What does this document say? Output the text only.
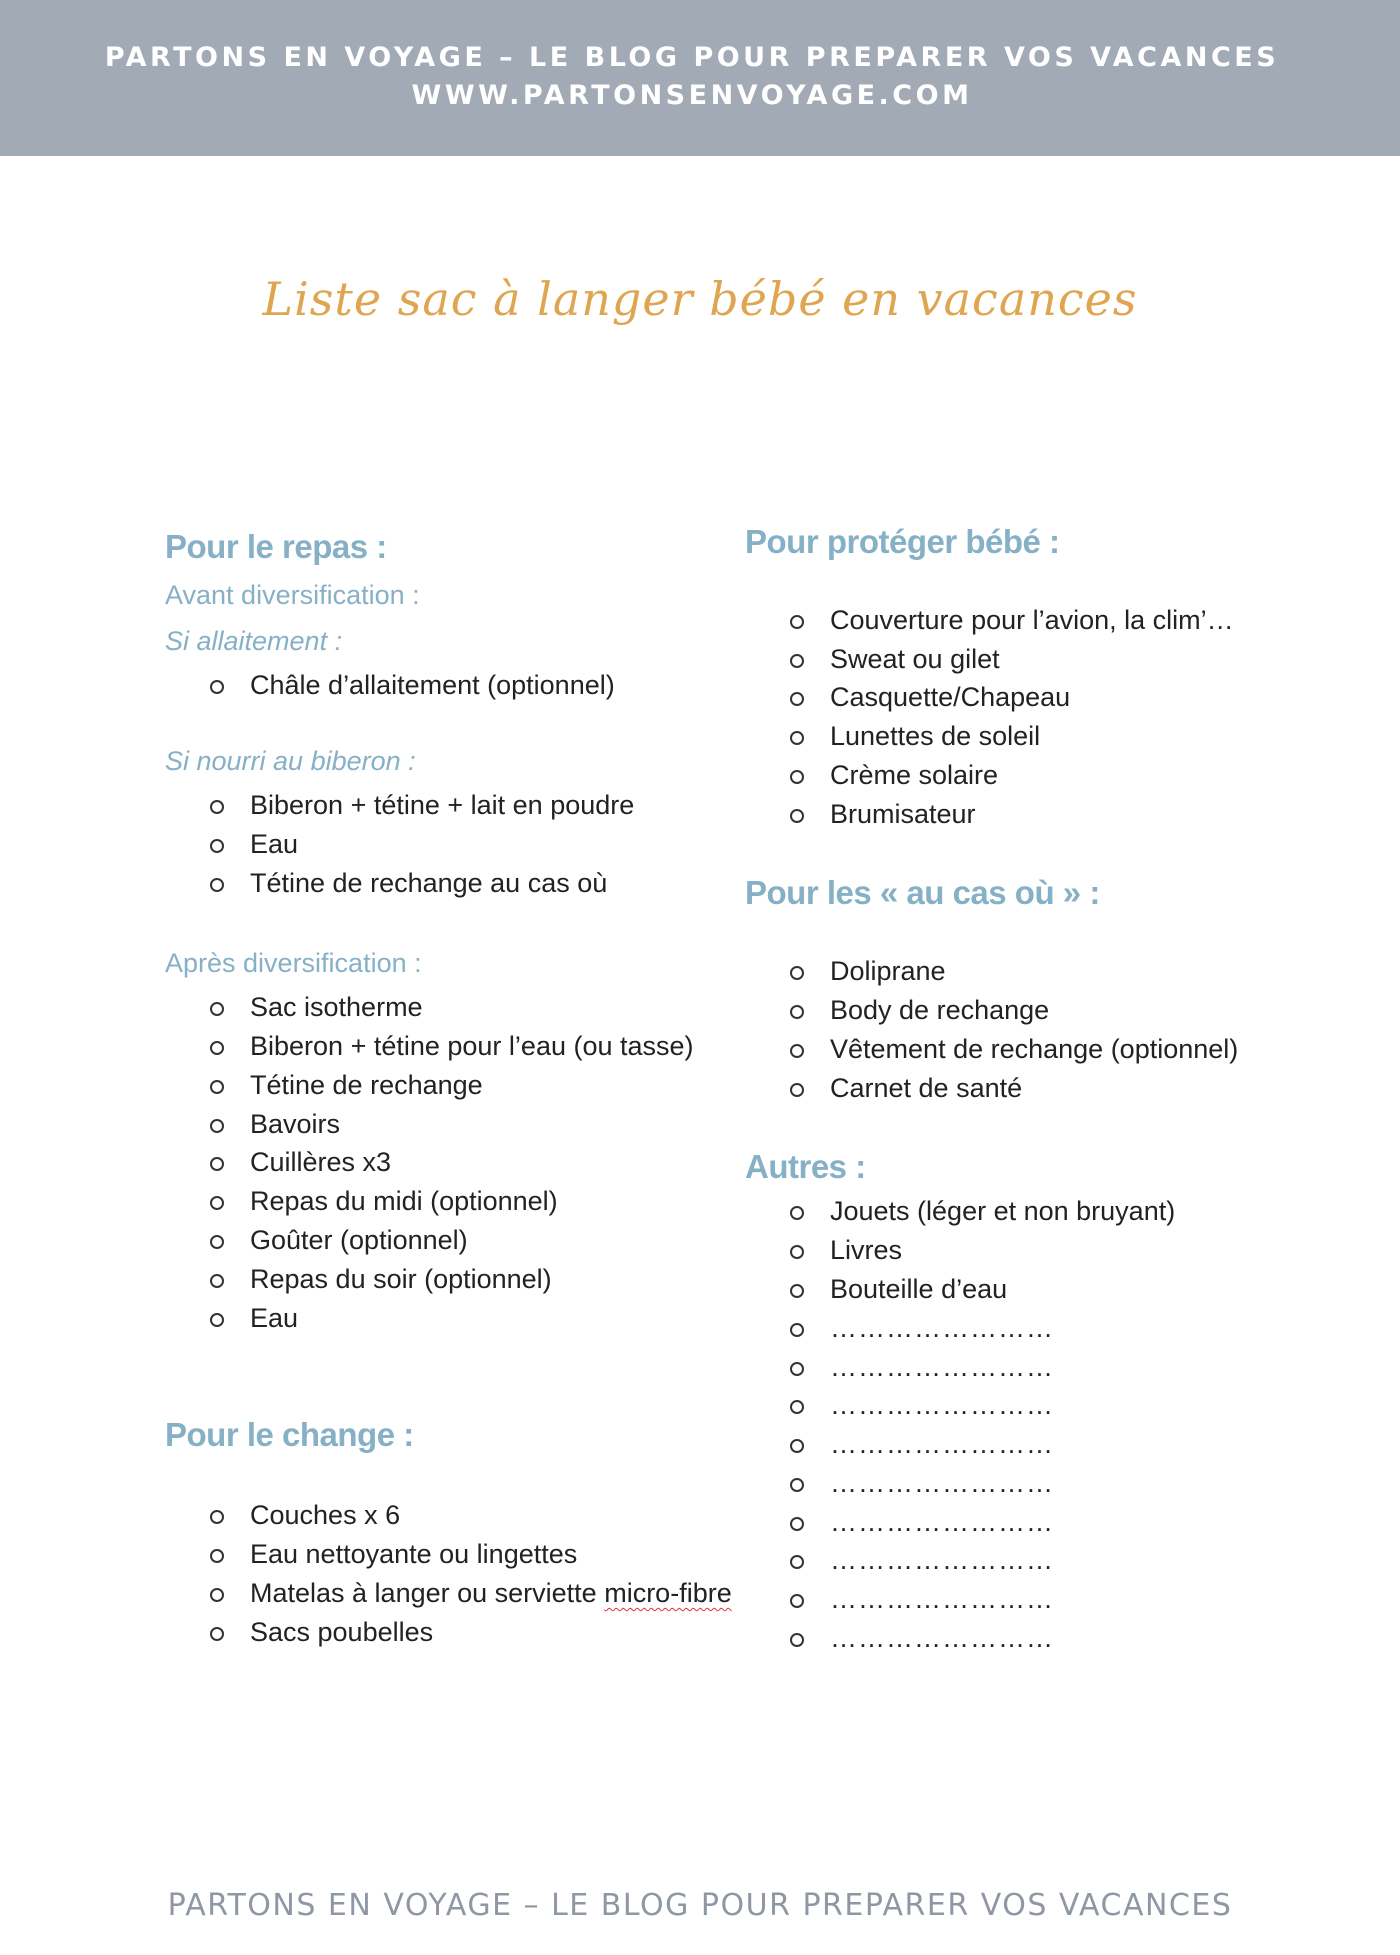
PARTONS EN VOYAGE – LE BLOG POUR PREPARER VOS VACANCES
WWW.PARTONSENVOYAGE.COM
Liste sac à langer bébé en vacances
Pour le repas :
Avant diversification :
Si allaitement :
Châle d’allaitement (optionnel)
Si nourri au biberon :
Biberon + tétine + lait en poudre
Eau
Tétine de rechange au cas où
Après diversification :
Sac isotherme
Biberon + tétine pour l’eau (ou tasse)
Tétine de rechange
Bavoirs
Cuillères x3
Repas du midi (optionnel)
Goûter (optionnel)
Repas du soir (optionnel)
Eau
Pour le change :
Couches x 6
Eau nettoyante ou lingettes
Matelas à langer ou serviette micro-fibre
Sacs poubelles
Pour protéger bébé :
Couverture pour l’avion, la clim’…
Sweat ou gilet
Casquette/Chapeau
Lunettes de soleil
Crème solaire
Brumisateur
Pour les « au cas où » :
Doliprane
Body de rechange
Vêtement de rechange (optionnel)
Carnet de santé
Autres :
Jouets (léger et non bruyant)
Livres
Bouteille d’eau
……………………
……………………
……………………
……………………
……………………
……………………
……………………
……………………
……………………
PARTONS EN VOYAGE – LE BLOG POUR PREPARER VOS VACANCES
